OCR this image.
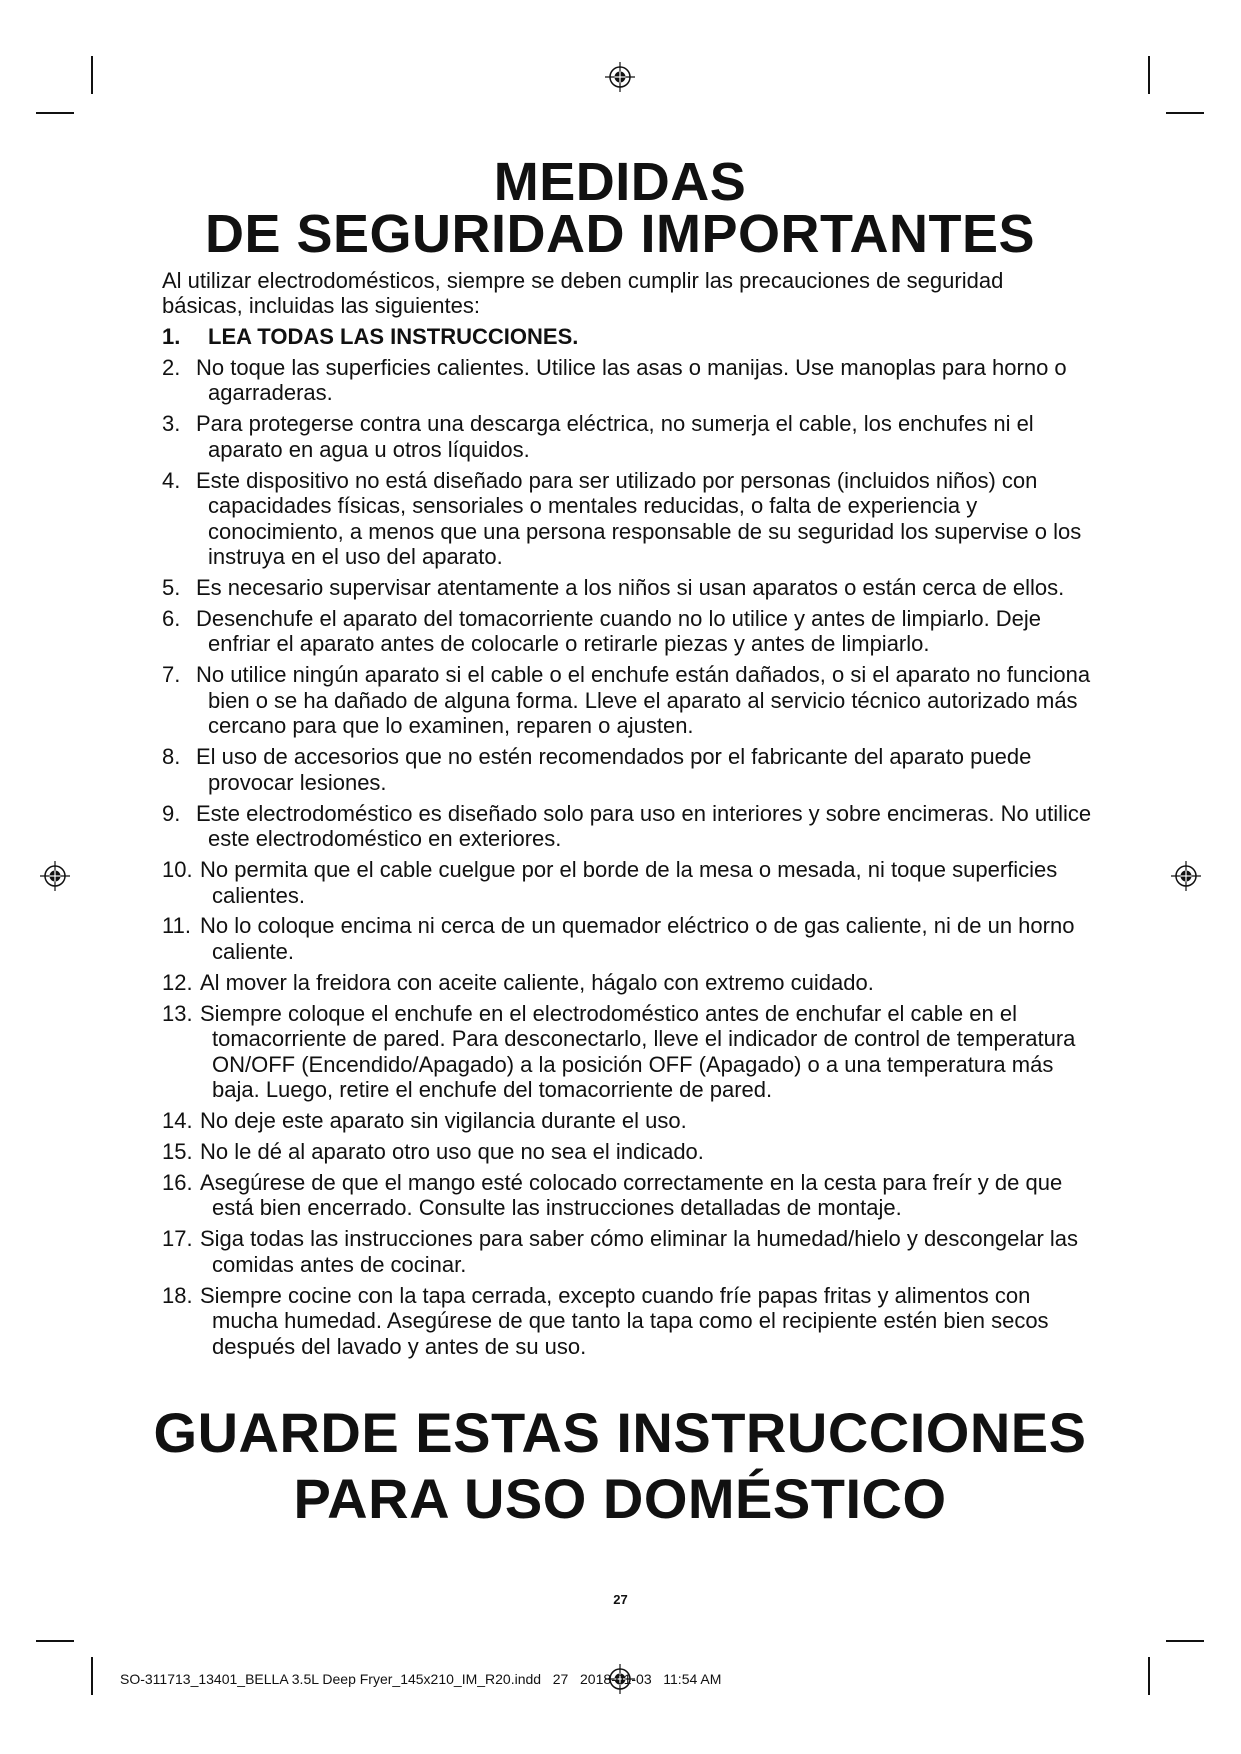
MEDIDAS
DE SEGURIDAD IMPORTANTES

Al utilizar electrodomésticos, siempre se deben cumplir las precauciones de seguridad básicas, incluidas las siguientes:

1.	LEA TODAS LAS INSTRUCCIONES.
2. No toque las superficies calientes. Utilice las asas o manijas. Use manoplas para horno o agarraderas.
3. Para protegerse contra una descarga eléctrica, no sumerja el cable, los enchufes ni el aparato en agua u otros líquidos.
4. Este dispositivo no está diseñado para ser utilizado por personas (incluidos niños) con capacidades físicas, sensoriales o mentales reducidas, o falta de experiencia y conocimiento, a menos que una persona responsable de su seguridad los supervise o los instruya en el uso del aparato.
5. Es necesario supervisar atentamente a los niños si usan aparatos o están cerca de ellos.
6. Desenchufe el aparato del tomacorriente cuando no lo utilice y antes de limpiarlo. Deje enfriar el aparato antes de colocarle o retirarle piezas y antes de limpiarlo.
7. No utilice ningún aparato si el cable o el enchufe están dañados, o si el aparato no funciona bien o se ha dañado de alguna forma. Lleve el aparato al servicio técnico autorizado más cercano para que lo examinen, reparen o ajusten.
8. El uso de accesorios que no estén recomendados por el fabricante del aparato puede provocar lesiones.
9. Este electrodoméstico es diseñado solo para uso en interiores y sobre encimeras. No utilice este electrodoméstico en exteriores.
10. No permita que el cable cuelgue por el borde de la mesa o mesada, ni toque superficies calientes.
11. No lo coloque encima ni cerca de un quemador eléctrico o de gas caliente, ni de un horno caliente.
12. Al mover la freidora con aceite caliente, hágalo con extremo cuidado.
13. Siempre coloque el enchufe en el electrodoméstico antes de enchufar el cable en el tomacorriente de pared. Para desconectarlo, lleve el indicador de control de temperatura ON/OFF (Encendido/Apagado) a la posición OFF (Apagado) o a una temperatura más baja. Luego, retire el enchufe del tomacorriente de pared.
14. No deje este aparato sin vigilancia durante el uso.
15. No le dé al aparato otro uso que no sea el indicado.
16. Asegúrese de que el mango esté colocado correctamente en la cesta para freír y de que está bien encerrado. Consulte las instrucciones detalladas de montaje.
17. Siga todas las instrucciones para saber cómo eliminar la humedad/hielo y descongelar las comidas antes de cocinar.
18. Siempre cocine con la tapa cerrada, excepto cuando fríe papas fritas y alimentos con mucha humedad. Asegúrese de que tanto la tapa como el recipiente estén bien secos después del lavado y antes de su uso.
GUARDE ESTAS INSTRUCCIONES
PARA USO DOMÉSTICO
27
SO-311713_13401_BELLA 3.5L Deep Fryer_145x210_IM_R20.indd   27   2018-01-03   11:54 AM
